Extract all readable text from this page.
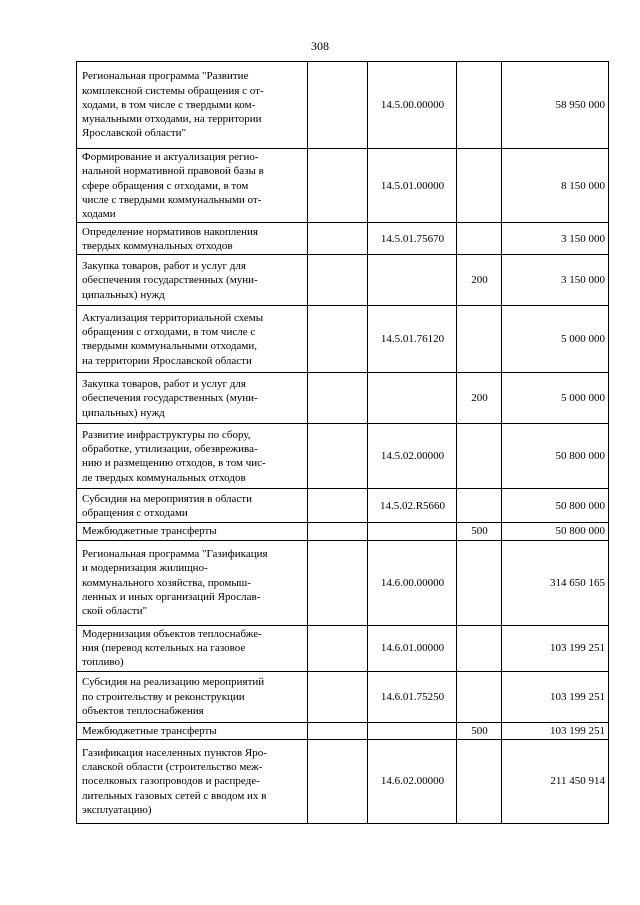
308
Региональная программа "Развитие
комплексной системы обращения с от-
ходами, в том числе с твердыми ком-
мунальными отходами, на территории
Ярославской области"		14.5.00.00000		58 950 000
Формирование и актуализация регио-
нальной нормативной правовой базы в
сфере обращения с отходами, в том
числе с твердыми коммунальными от-
ходами		14.5.01.00000		8 150 000
Определение нормативов накопления
твердых коммунальных отходов		14.5.01.75670		3 150 000
Закупка товаров, работ и услуг для
обеспечения государственных (муни-
ципальных) нужд			200	3 150 000
Актуализация территориальной схемы
обращения с отходами, в том числе с
твердыми коммунальными отходами,
на территории Ярославской области		14.5.01.76120		5 000 000
Закупка товаров, работ и услуг для
обеспечения государственных (муни-
ципальных) нужд			200	5 000 000
Развитие инфраструктуры по сбору,
обработке, утилизации, обезврежива-
нию и размещению отходов, в том чис-
ле твердых коммунальных отходов		14.5.02.00000		50 800 000
Субсидия на мероприятия в области
обращения с отходами		14.5.02.R5660		50 800 000
Межбюджетные трансферты			500	50 800 000
Региональная программа "Газификация
и модернизация жилищно-
коммунального хозяйства, промыш-
ленных и иных организаций Ярослав-
ской области"		14.6.00.00000		314 650 165
Модернизация объектов теплоснабже-
ния (перевод котельных на газовое
топливо)		14.6.01.00000		103 199 251
Субсидия на реализацию мероприятий
по строительству и реконструкции
объектов теплоснабжения		14.6.01.75250		103 199 251
Межбюджетные трансферты			500	103 199 251
Газификация населенных пунктов Яро-
славской области (строительство меж-
поселковых газопроводов и распреде-
лительных газовых сетей с вводом их в
эксплуатацию)		14.6.02.00000		211 450 914
